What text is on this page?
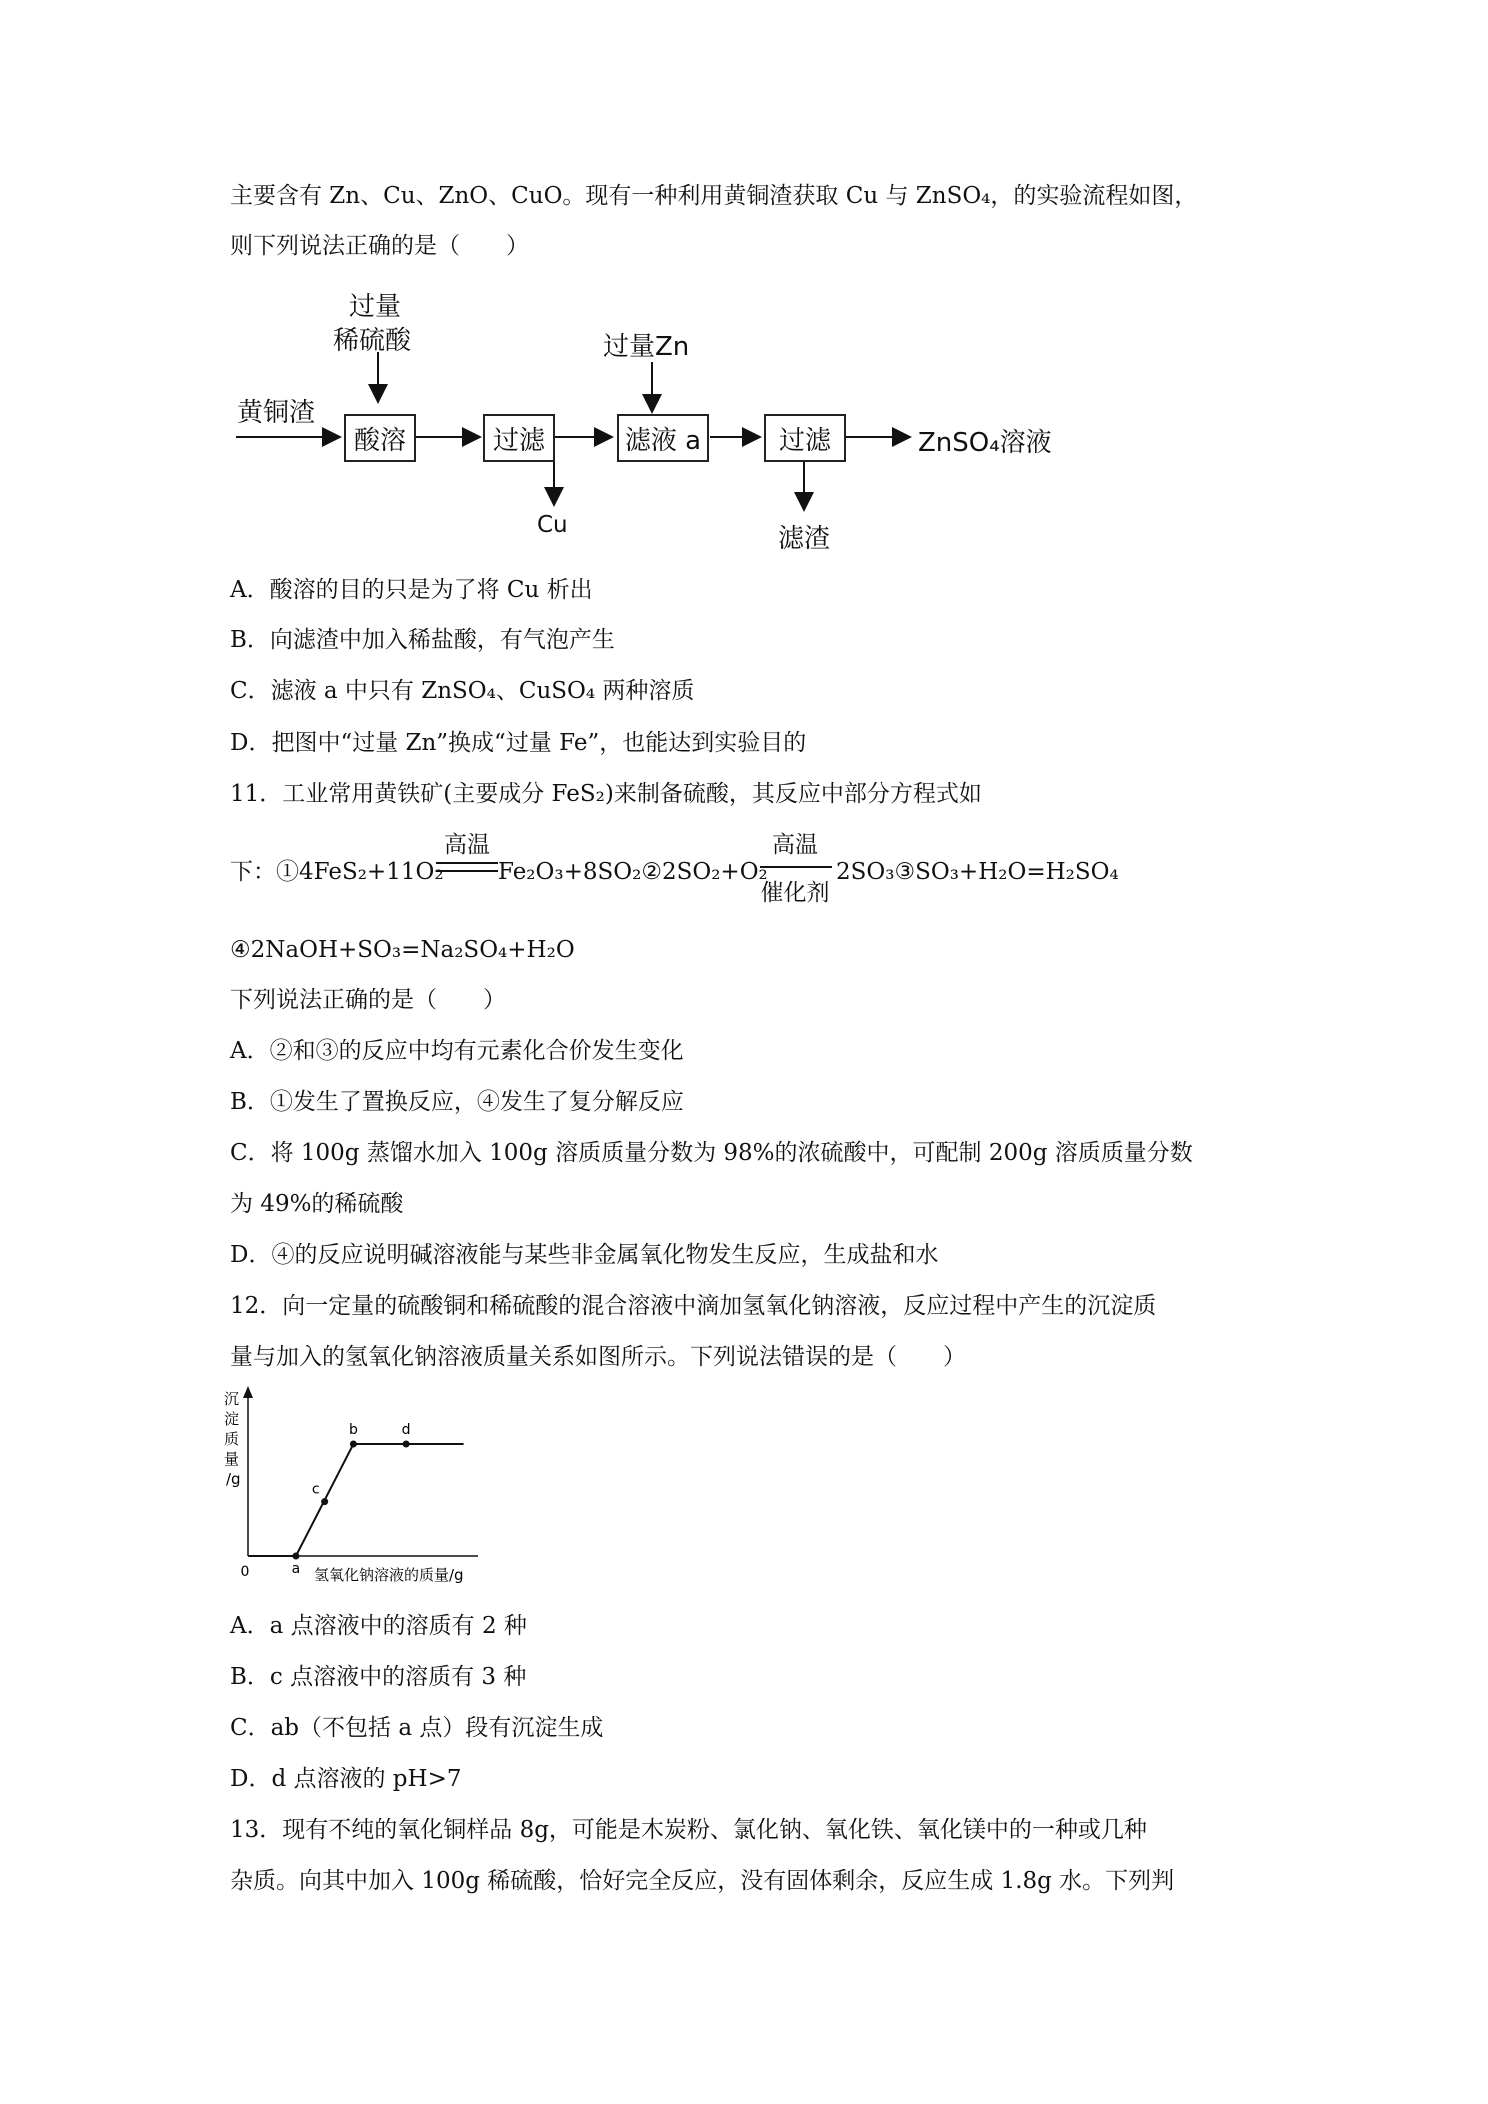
主要含有 Zn、Cu、ZnO、CuO。现有一种利用黄铜渣获取 Cu 与 ZnSO₄，的实验流程如图，
则下列说法正确的是（　　）
黄铜渣
过量
稀硫酸
酸溶	过滤
Cu
过量Zn
滤液 a	过滤
滤渣
ZnSO₄溶液
A．酸溶的目的只是为了将 Cu 析出
B．向滤渣中加入稀盐酸，有气泡产生
C．滤液 a 中只有 ZnSO₄、CuSO₄ 两种溶质
D．把图中“过量 Zn”换成“过量 Fe”，也能达到实验目的
11．工业常用黄铁矿(主要成分 FeS₂)来制备硫酸，其反应中部分方程式如
下：①4FeS₂+11O₂
高温
Fe₂O₃+8SO₂②2SO₂+O₂
高温
催化剂
2SO₃③SO₃+H₂O=H₂SO₄
④2NaOH+SO₃=Na₂SO₄+H₂O
下列说法正确的是（　　）
A．②和③的反应中均有元素化合价发生变化
B．①发生了置换反应，④发生了复分解反应
C．将 100g 蒸馏水加入 100g 溶质质量分数为 98%的浓硫酸中，可配制 200g 溶质质量分数
为 49%的稀硫酸
D．④的反应说明碱溶液能与某些非金属氧化物发生反应，生成盐和水
12．向一定量的硫酸铜和稀硫酸的混合溶液中滴加氢氧化钠溶液，反应过程中产生的沉淀质
量与加入的氢氧化钠溶液质量关系如图所示。下列说法错误的是（　　）
沉
淀
质
量
/g
0	氢氧化钠溶液的质量/g
a
c
b	d
A．a 点溶液中的溶质有 2 种
B．c 点溶液中的溶质有 3 种
C．ab（不包括 a 点）段有沉淀生成
D．d 点溶液的 pH>7
13．现有不纯的氧化铜样品 8g，可能是木炭粉、氯化钠、氧化铁、氧化镁中的一种或几种
杂质。向其中加入 100g 稀硫酸，恰好完全反应，没有固体剩余，反应生成 1.8g 水。下列判
